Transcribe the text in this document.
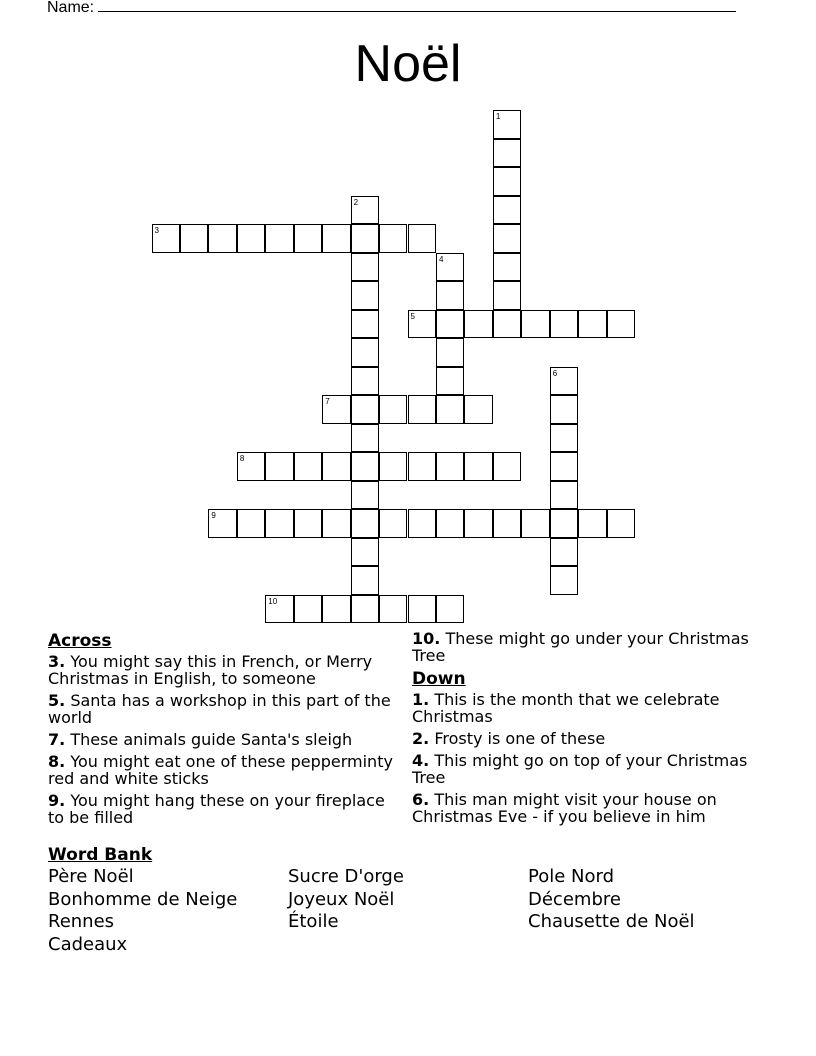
Name:
Noël
1
2
3
4
5
6
7
8
9
10
Across
3. You might say this in French, or Merry Christmas in English, to someone
5. Santa has a workshop in this part of the world
7. These animals guide Santa's sleigh
8. You might eat one of these pepperminty red and white sticks
9. You might hang these on your fireplace to be filled
10. These might go under your Christmas Tree
Down
1. This is the month that we celebrate Christmas
2. Frosty is one of these
4. This might go on top of your Christmas Tree
6. This man might visit your house on Christmas Eve - if you believe in him
Word Bank
Père Noël	Sucre D'orge	Pole Nord
Bonhomme de Neige	Joyeux Noël	Décembre
Rennes	Étoile	Chausette de Noël
Cadeaux
